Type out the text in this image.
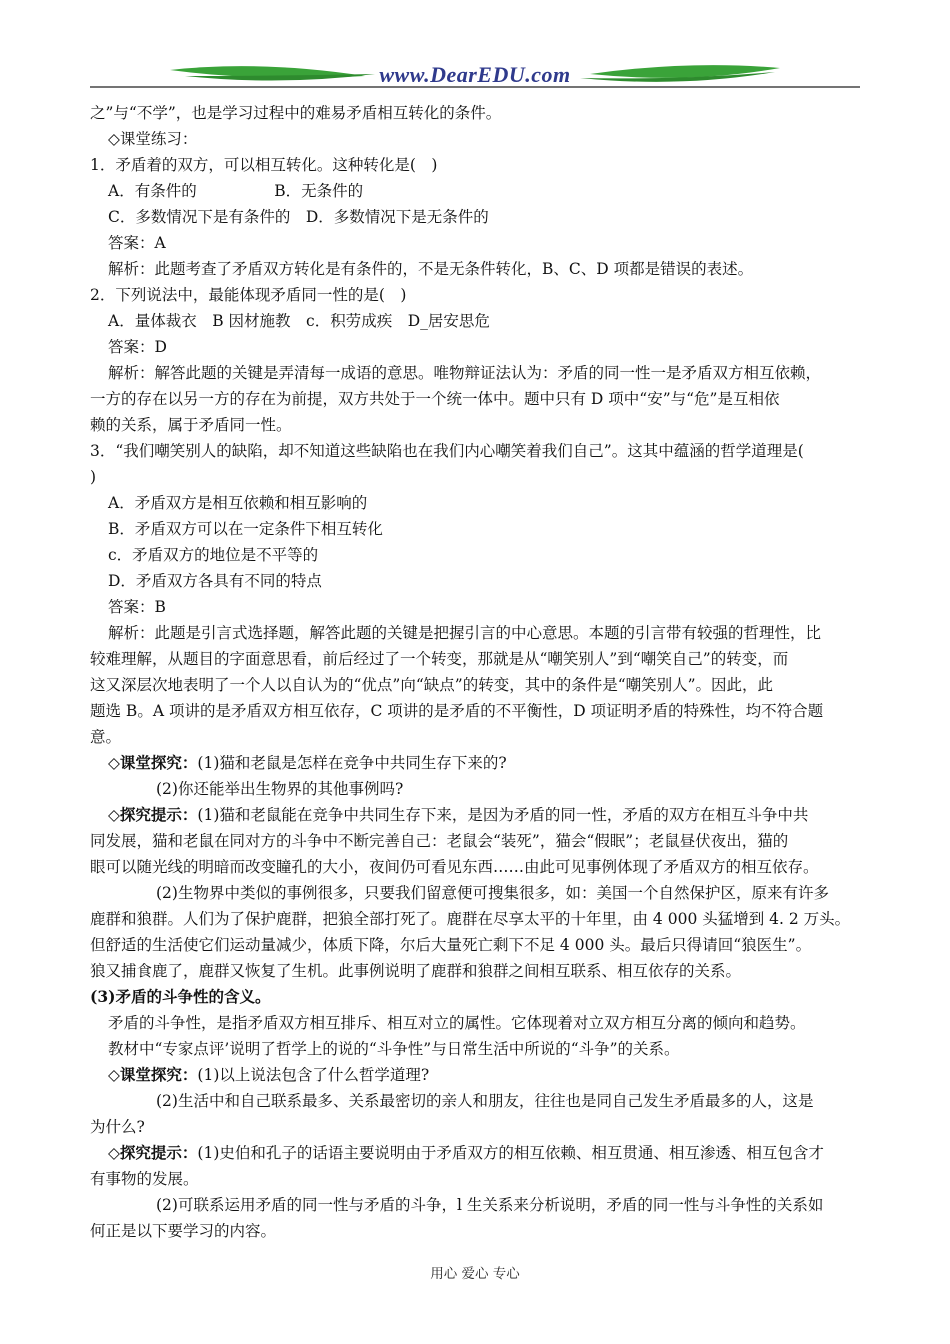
www.DearEDU.com
之”与“不学”，也是学习过程中的难易矛盾相互转化的条件。
◇课堂练习：
1．矛盾着的双方，可以相互转化。这种转化是(　)
A．有条件的　　　　　B．无条件的
C．多数情况下是有条件的　D．多数情况下是无条件的
答案：A
解析：此题考查了矛盾双方转化是有条件的，不是无条件转化，B、C、D 项都是错误的表述。
2．下列说法中，最能体现矛盾同一性的是(　)
A．量体裁衣　B 因材施教　c．积劳成疾　D_居安思危
答案：D
解析：解答此题的关键是弄清每一成语的意思。唯物辩证法认为：矛盾的同一性一是矛盾双方相互依赖，
一方的存在以另一方的存在为前提，双方共处于一个统一体中。题中只有 D 项中“安”与“危”是互相依
赖的关系，属于矛盾同一性。
3．“我们嘲笑别人的缺陷，却不知道这些缺陷也在我们内心嘲笑着我们自己”。这其中蕴涵的哲学道理是(
)
A．矛盾双方是相互依赖和相互影响的
B．矛盾双方可以在一定条件下相互转化
c．矛盾双方的地位是不平等的
D．矛盾双方各具有不同的特点
答案：B
解析：此题是引言式选择题，解答此题的关键是把握引言的中心意思。本题的引言带有较强的哲理性，比
较难理解，从题目的字面意思看，前后经过了一个转变，那就是从“嘲笑别人”到“嘲笑自己”的转变，而
这又深层次地表明了一个人以自认为的“优点”向“缺点”的转变，其中的条件是“嘲笑别人”。因此，此
题选 B。A 项讲的是矛盾双方相互依存，C 项讲的是矛盾的不平衡性，D 项证明矛盾的特殊性，均不符合题
意。
◇课堂探究：(1)猫和老鼠是怎样在竞争中共同生存下来的?
(2)你还能举出生物界的其他事例吗?
◇探究提示：(1)猫和老鼠能在竞争中共同生存下来，是因为矛盾的同一性，矛盾的双方在相互斗争中共
同发展，猫和老鼠在同对方的斗争中不断完善自己：老鼠会“装死”，猫会“假眠”；老鼠昼伏夜出，猫的
眼可以随光线的明暗而改变瞳孔的大小，夜间仍可看见东西……由此可见事例体现了矛盾双方的相互依存。
(2)生物界中类似的事例很多，只要我们留意便可搜集很多，如：美国一个自然保护区，原来有许多
鹿群和狼群。人们为了保护鹿群，把狼全部打死了。鹿群在尽享太平的十年里，由 4 000 头猛增到 4. 2 万头。
但舒适的生活使它们运动量减少，体质下降，尔后大量死亡剩下不足 4 000 头。最后只得请回“狼医生”。
狼又捕食鹿了，鹿群又恢复了生机。此事例说明了鹿群和狼群之间相互联系、相互依存的关系。
(3)矛盾的斗争性的含义。
矛盾的斗争性，是指矛盾双方相互排斥、相互对立的属性。它体现着对立双方相互分离的倾向和趋势。
教材中“专家点评’说明了哲学上的说的“斗争性”与日常生活中所说的“斗争”的关系。
◇课堂探究：(1)以上说法包含了什么哲学道理?
(2)生活中和自己联系最多、关系最密切的亲人和朋友，往往也是同自己发生矛盾最多的人，这是
为什么?
◇探究提示：(1)史伯和孔子的话语主要说明由于矛盾双方的相互依赖、相互贯通、相互渗透、相互包含才
有事物的发展。
(2)可联系运用矛盾的同一性与矛盾的斗争，l 生关系来分析说明，矛盾的同一性与斗争性的关系如
何正是以下要学习的内容。
用心 爱心 专心
